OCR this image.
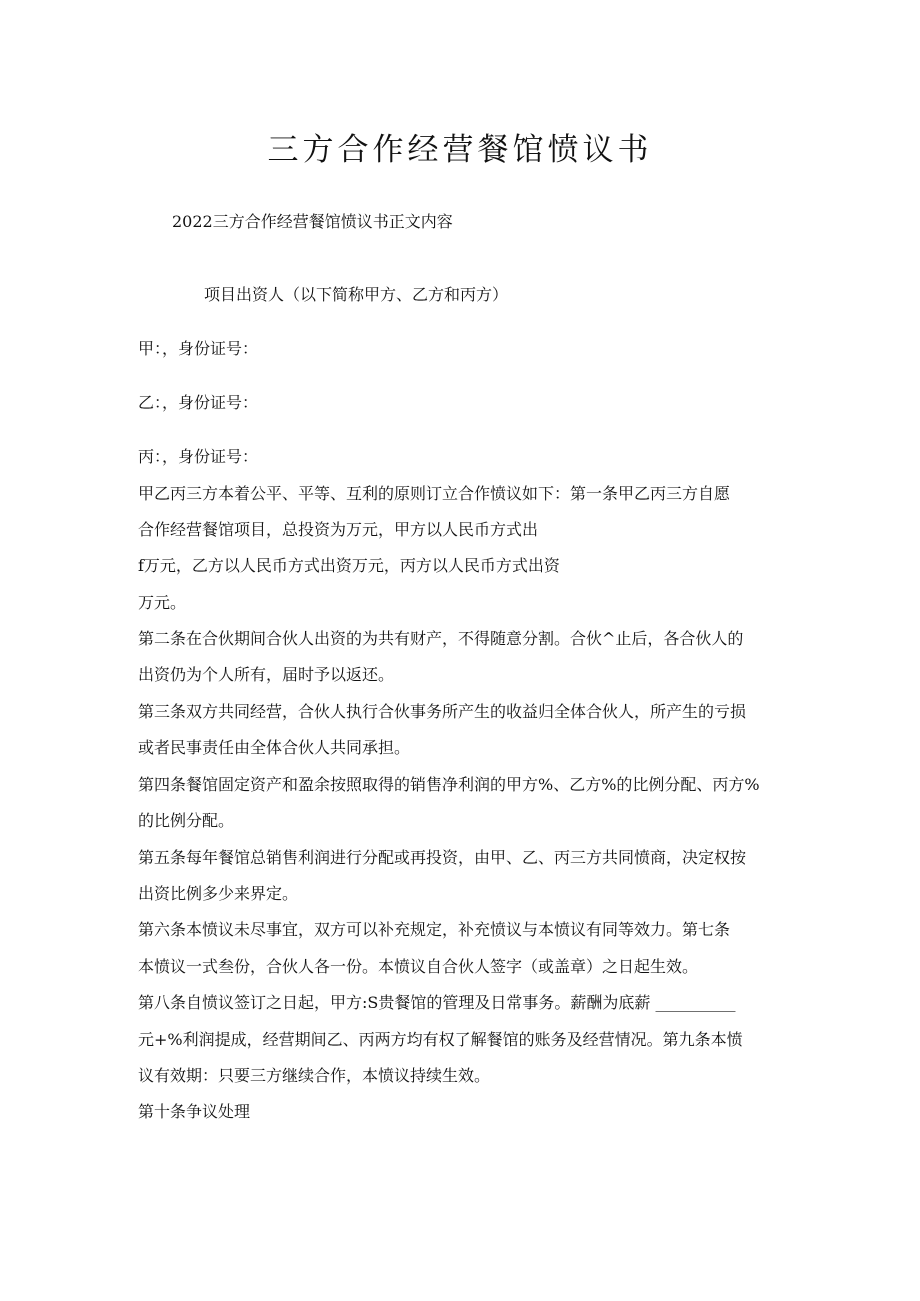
三方合作经营餐馆愤议书
2022三方合作经营餐馆愤议书正文内容
项目出资人（以下简称甲方、乙方和丙方）
甲：，身份证号：
乙：，身份证号：
丙：，身份证号：
甲乙丙三方本着公平、平等、互利的原则订立合作愤议如下：第一条甲乙丙三方自愿
合作经营餐馆项目，总投资为万元，甲方以人民币方式出
f万元，乙方以人民币方式出资万元，丙方以人民币方式出资
万元。
第二条在合伙期间合伙人出资的为共有财产，不得随意分割。合伙^止后，各合伙人的
出资仍为个人所有，届时予以返还。
第三条双方共同经营，合伙人执行合伙事务所产生的收益归全体合伙人，所产生的亏损
或者民事责任由全体合伙人共同承担。
第四条餐馆固定资产和盈余按照取得的销售净利润的甲方%、乙方%的比例分配、丙方%
的比例分配。
第五条每年餐馆总销售利润进行分配或再投资，由甲、乙、丙三方共同愤商，决定权按
出资比例多少来界定。
第六条本愤议未尽事宜，双方可以补充规定，补充愤议与本愤议有同等效力。第七条
本愤议一式叁份，合伙人各一份。本愤议自合伙人签字（或盖章）之日起生效。
第八条自愤议签订之日起，甲方:S贵餐馆的管理及日常事务。薪酬为底薪 __________
元+%利润提成，经营期间乙、丙两方均有权了解餐馆的账务及经营情况。第九条本愤
议有效期：只要三方继续合作，本愤议持续生效。
第十条争议处理
